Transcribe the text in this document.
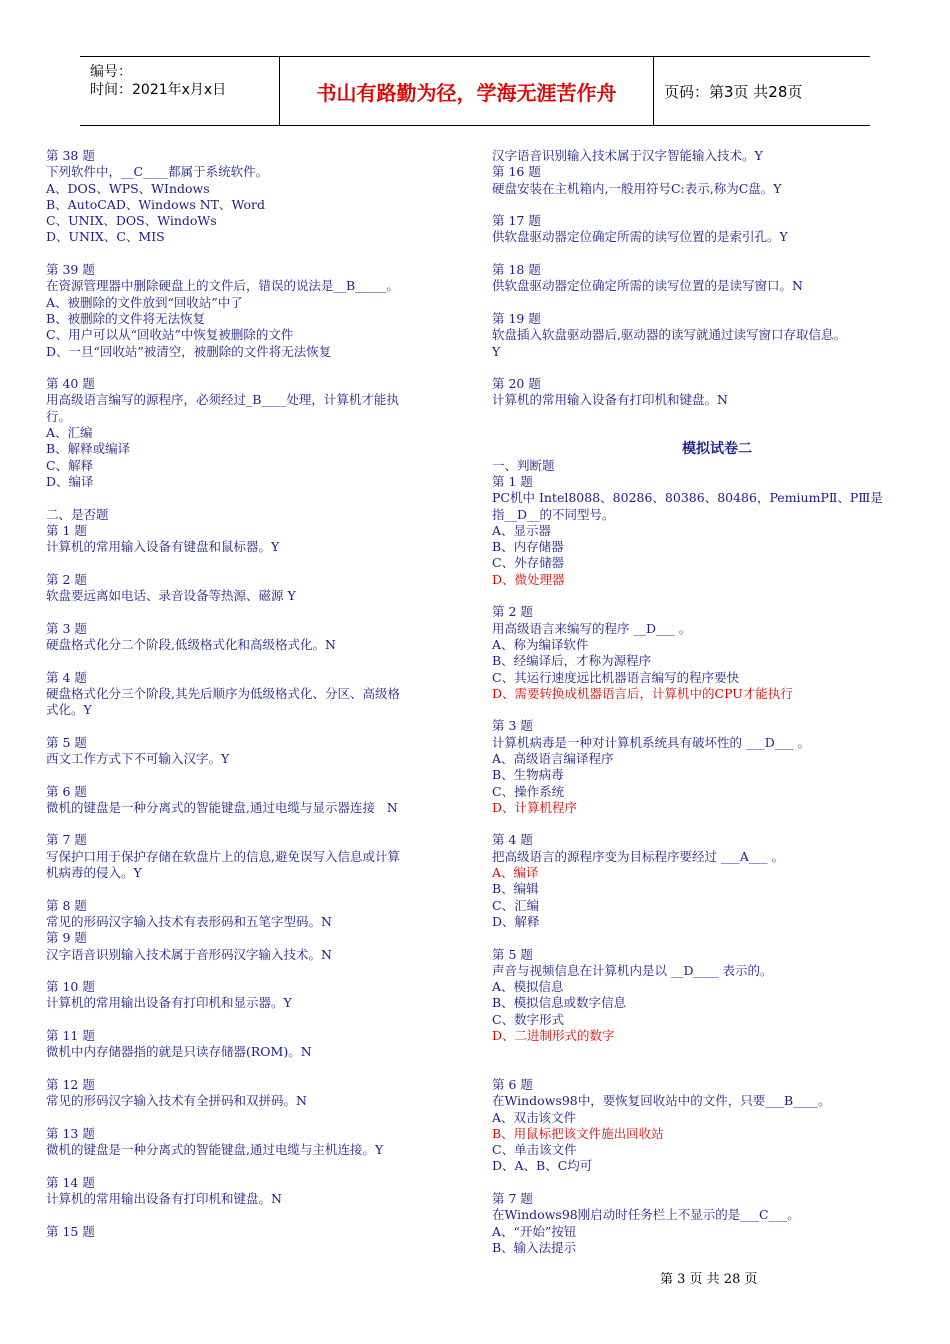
编号：
时间：2021年x月x日	书山有路勤为径，学海无涯苦作舟	页码：第3页 共28页
第 38 题
下列软件中，__C____都属于系统软件。
A、DOS、WPS、WIndows
B、AutoCAD、Windows NT、Word
C、UNIX、DOS、WindoWs
D、UNIX、C、MIS
第 39 题
在资源管理器中删除硬盘上的文件后，错误的说法是__B_____。
A、被删除的文件放到“回收站”中了
B、被删除的文件将无法恢复
C、用户可以从“回收站”中恢复被删除的文件
D、一旦“回收站”被清空，被删除的文件将无法恢复
第 40 题
用高级语言编写的源程序，必须经过_B____处理，计算机才能执
行。
A、汇编
B、解释或编译
C、解释
D、编译
二、是否题
第 1 题
计算机的常用输入设备有键盘和鼠标器。Y
第 2 题
软盘要远离如电话、录音设备等热源、磁源 Y
第 3 题
硬盘格式化分二个阶段,低级格式化和高级格式化。N
第 4 题
硬盘格式化分三个阶段,其先后顺序为低级格式化、分区、高级格
式化。Y
第 5 题
西文工作方式下不可输入汉字。Y
第 6 题
微机的键盘是一种分离式的智能键盘,通过电缆与显示器连接   N
第 7 题
写保护口用于保护存储在软盘片上的信息,避免误写入信息或计算
机病毒的侵入。Y
第 8 题
常见的形码汉字输入技术有表形码和五笔字型码。N
第 9 题
汉字语音识别输入技术属于音形码汉字输入技术。N
第 10 题
计算机的常用输出设备有打印机和显示器。Y
第 11 题
微机中内存储器指的就是只读存储器(ROM)。N
第 12 题
常见的形码汉字输入技术有全拼码和双拼码。N
第 13 题
微机的键盘是一种分离式的智能键盘,通过电缆与主机连接。Y
第 14 题
计算机的常用输出设备有打印机和键盘。N
第 15 题
汉字语音识别输入技术属于汉字智能输入技术。Y
第 16 题
硬盘安装在主机箱内,一般用符号C:表示,称为C盘。Y
第 17 题
供软盘驱动器定位确定所需的读写位置的是索引孔。Y
第 18 题
供软盘驱动器定位确定所需的读写位置的是读写窗口。N
第 19 题
软盘插入软盘驱动器后,驱动器的读写就通过读写窗口存取信息。
Y
第 20 题
计算机的常用输入设备有打印机和键盘。N
模拟试卷二
一、判断题
第 1 题
PC机中 Intel8088、80286、80386、80486，PemiumPⅡ、PⅢ是
指__D__的不同型号。
A、显示器
B、内存储器
C、外存储器
D、微处理器
第 2 题
用高级语言来编写的程序 __D___ 。
A、称为编译软件
B、经编译后，才称为源程序
C、其运行速度远比机器语言编写的程序要快
D、需要转换成机器语言后，计算机中的CPU才能执行
第 3 题
计算机病毒是一种对计算机系统具有破坏性的 ___D___ 。
A、高级语言编译程序
B、生物病毒
C、操作系统
D、计算机程序
第 4 题
把高级语言的源程序变为目标程序要经过 ___A___ 。
A、编译
B、编辑
C、汇编
D、解释
第 5 题
声音与视频信息在计算机内是以 __D____ 表示的。
A、模拟信息
B、模拟信息或数字信息
C、数字形式
D、二进制形式的数字
第 6 题
在Windows98中，要恢复回收站中的文件，只要___B____。
A、双击该文件
B、用鼠标把该文件施出回收站
C、单击该文件
D、A、B、C均可
第 7 题
在Windows98刚启动时任务栏上不显示的是___C___。
A、“开始”按钮
B、输入法提示
第 3 页 共 28 页
